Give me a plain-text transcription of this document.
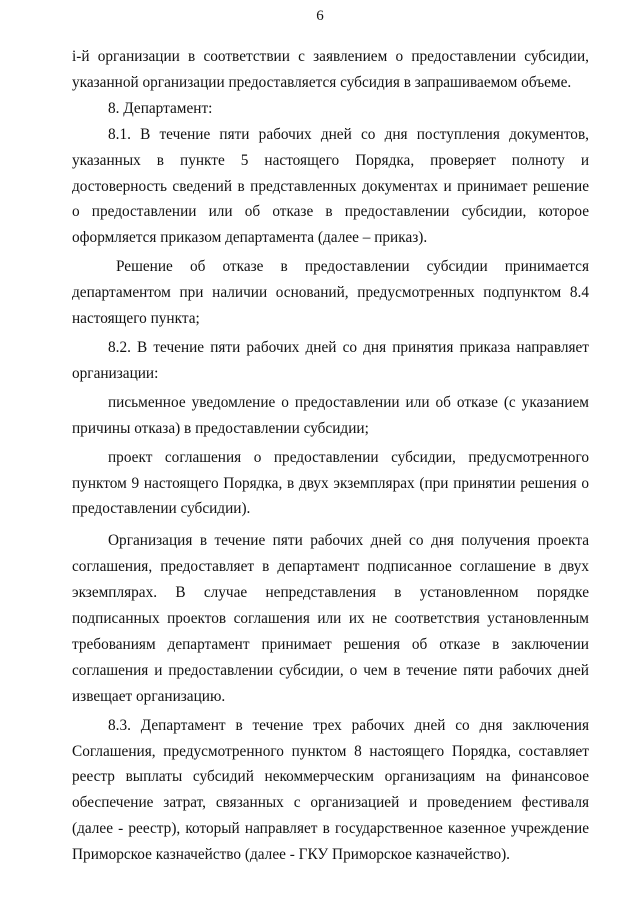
6

i-й организации в соответствии с заявлением о предоставлении субсидии, указанной организации предоставляется субсидия в запрашиваемом объеме.

8. Департамент:

8.1. В течение пяти рабочих дней со дня поступления документов, указанных в пункте 5 настоящего Порядка, проверяет полноту и достоверность сведений в представленных документах и принимает решение о предоставлении или об отказе в предоставлении субсидии, которое оформляется приказом департамента (далее – приказ).

Решение об отказе в предоставлении субсидии принимается департаментом при наличии оснований, предусмотренных подпунктом 8.4 настоящего пункта;

8.2. В течение пяти рабочих дней со дня принятия приказа направляет организации:

письменное уведомление о предоставлении или об отказе (с указанием причины отказа) в предоставлении субсидии;

проект соглашения о предоставлении субсидии, предусмотренного пунктом 9 настоящего Порядка, в двух экземплярах (при принятии решения о предоставлении субсидии).

Организация в течение пяти рабочих дней со дня получения проекта соглашения, предоставляет в департамент подписанное соглашение в двух экземплярах. В случае непредставления в установленном порядке подписанных проектов соглашения или их не соответствия установленным требованиям департамент принимает решения об отказе в заключении соглашения и предоставлении субсидии, о чем в течение пяти рабочих дней извещает организацию.

8.3. Департамент в течение трех рабочих дней со дня заключения Соглашения, предусмотренного пунктом 8 настоящего Порядка, составляет реестр выплаты субсидий некоммерческим организациям на финансовое обеспечение затрат, связанных с организацией и проведением фестиваля (далее - реестр), который направляет в государственное казенное учреждение Приморское казначейство (далее - ГКУ Приморское казначейство).
